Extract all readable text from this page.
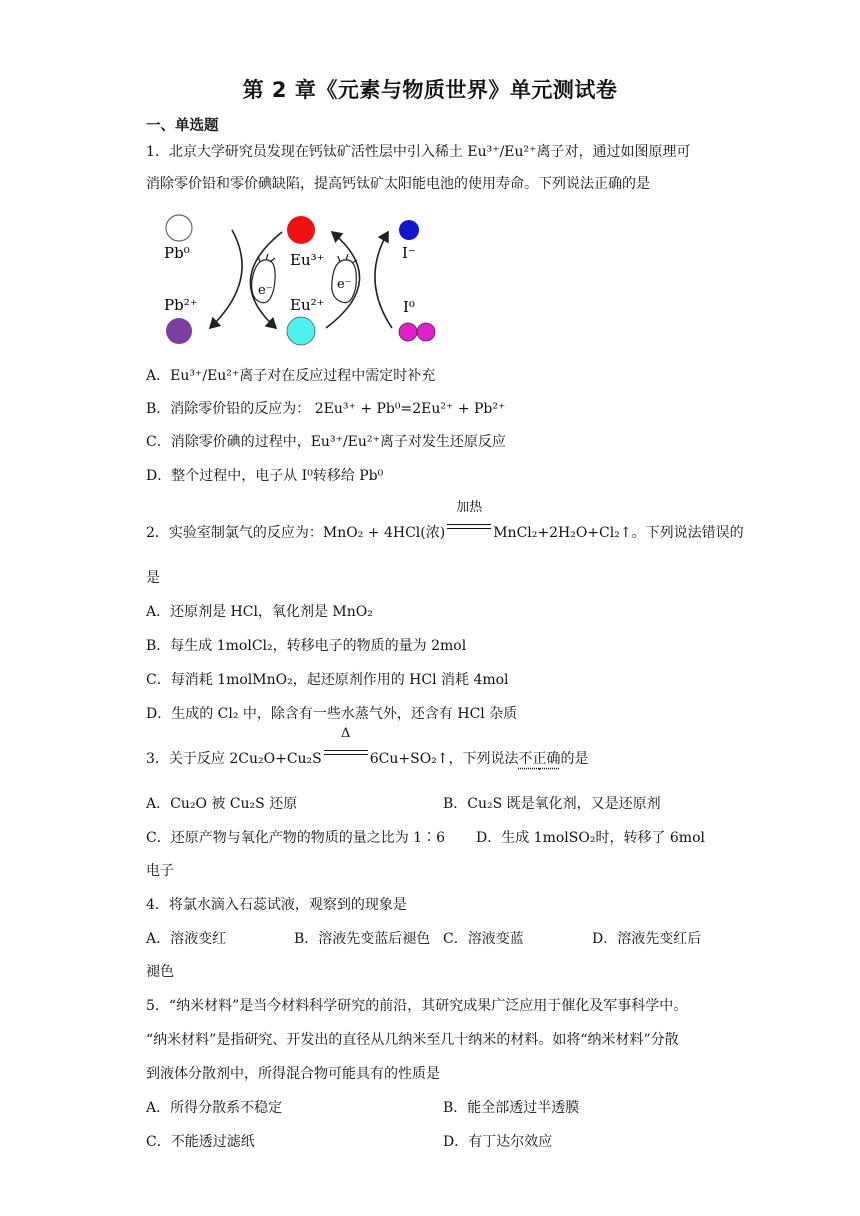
第 2 章《元素与物质世界》单元测试卷
一、单选题
1．北京大学研究员发现在钙钛矿活性层中引入稀土 Eu³⁺/Eu²⁺离子对，通过如图原理可
消除零价铅和零价碘缺陷，提高钙钛矿太阳能电池的使用寿命。下列说法正确的是
Pb⁰
Pb²⁺
Eu³⁺
Eu²⁺
I⁻
I⁰
e⁻	e⁻
A．Eu³⁺/Eu²⁺离子对在反应过程中需定时补充
B．消除零价铅的反应为： 2Eu³⁺ + Pb⁰=2Eu²⁺ + Pb²⁺
C．消除零价碘的过程中，Eu³⁺/Eu²⁺离子对发生还原反应
D．整个过程中，电子从 I⁰转移给 Pb⁰
2．实验室制氯气的反应为：MnO₂ + 4HCl(浓)
加热
MnCl₂+2H₂O+Cl₂↑。下列说法错误的
是
A．还原剂是 HCl，氧化剂是 MnO₂
B．每生成 1molCl₂，转移电子的物质的量为 2mol
C．每消耗 1molMnO₂，起还原剂作用的 HCl 消耗 4mol
D．生成的 Cl₂ 中，除含有一些水蒸气外，还含有 HCl 杂质
3．关于反应 2Cu₂O+Cu₂S
Δ
6Cu+SO₂↑，下列说法不正确的是
A．Cu₂O 被 Cu₂S 还原	B．Cu₂S 既是氧化剂，又是还原剂
C．还原产物与氧化产物的物质的量之比为 1∶6 D．生成 1molSO₂时，转移了 6mol
电子
4．将氯水滴入石蕊试液，观察到的现象是
A．溶液变红	B．溶液先变蓝后褪色 C．溶液变蓝	D．溶液先变红后
褪色
5．“纳米材料”是当今材料科学研究的前沿，其研究成果广泛应用于催化及军事科学中。
“纳米材料”是指研究、开发出的直径从几纳米至几十纳米的材料。如将“纳米材料”分散
到液体分散剂中，所得混合物可能具有的性质是
A．所得分散系不稳定	B．能全部透过半透膜
C．不能透过滤纸	D．有丁达尔效应
